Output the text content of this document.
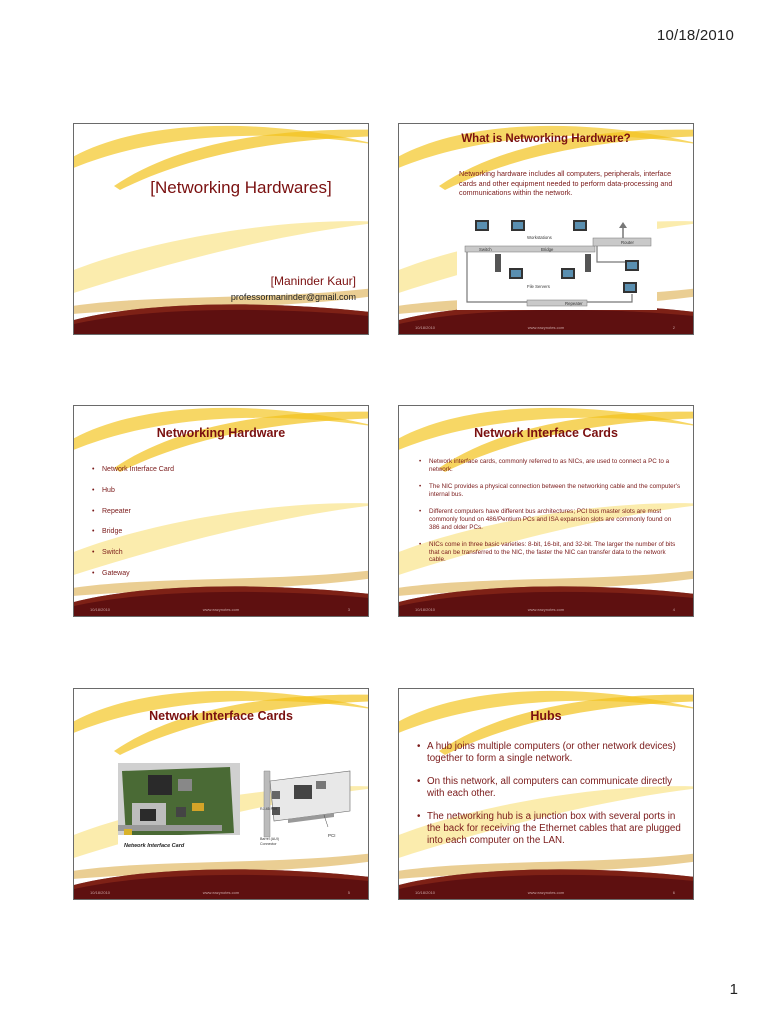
10/18/2010
[Networking Hardwares]
[Maninder Kaur]
professormaninder@gmail.com
What is Networking Hardware?
Networking hardware includes all computers, peripherals, interface cards and other equipment needed to perform data-processing and communications within the network.
Workstations
Switch	Bridge
Router
File Servers
Repeater
10/18/2010	www.eazynotes.com	2
Networking Hardware
• Network Interface Card
• Hub
• Repeater
• Bridge
• Switch
• Gateway
10/18/2010	www.eazynotes.com	3
Network Interface Cards
• Network interface cards, commonly referred to as NICs, are used to connect a PC to a network.
• The NIC provides a physical connection between the networking cable and the computer's internal bus.
• Different computers have different bus architectures; PCI bus master slots are most commonly found on 486/Pentium PCs and ISA expansion slots are commonly found on 386 and older PCs.
• NICs come in three basic varieties: 8-bit, 16-bit, and 32-bit. The larger the number of bits that can be transferred to the NIC, the faster the NIC can transfer data to the network cable.
10/18/2010	www.eazynotes.com	4
Network Interface Cards
Network Interface Card
RJ-45 Port
Barrel (AUI) Connector
PCI
10/18/2010	www.eazynotes.com	5
Hubs
• A hub joins multiple computers (or other network devices) together to form a single network.
• On this network, all computers can communicate directly with each other.
• The networking hub is a junction box with several ports in the back for receiving the Ethernet cables that are plugged into each computer on the LAN.
10/18/2010	www.eazynotes.com	6
1
